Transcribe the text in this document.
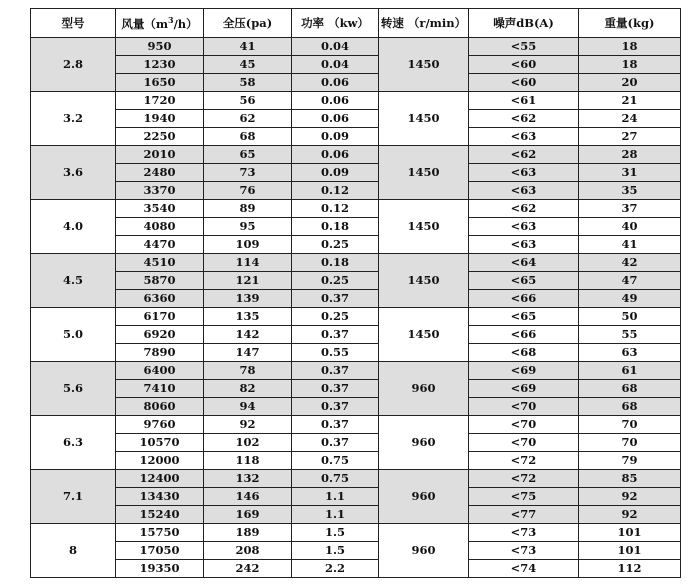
型号	风量$(m^3/h)$	全压(pa)	功率 （kw）	转速 （r/min）	噪声dB(A)	重量(kg)
2.8	950	41	0.04	1450	<55	18
	1230	45	0.04		<60	18
	1650	58	0.06		<60	20
3.2	1720	56	0.06	1450	<61	21
	1940	62	0.06		<62	24
	2250	68	0.09		<63	27
3.6	2010	65	0.06	1450	<62	28
	2480	73	0.09		<63	31
	3370	76	0.12		<63	35
4.0	3540	89	0.12	1450	<62	37
	4080	95	0.18		<63	40
	4470	109	0.25		<63	41
4.5	4510	114	0.18	1450	<64	42
	5870	121	0.25		<65	47
	6360	139	0.37		<66	49
5.0	6170	135	0.25	1450	<65	50
	6920	142	0.37		<66	55
	7890	147	0.55		<68	63
5.6	6400	78	0.37	960	<69	61
	7410	82	0.37		<69	68
	8060	94	0.37		<70	68
6.3	9760	92	0.37	960	<70	70
	10570	102	0.37		<70	70
	12000	118	0.75		<72	79
7.1	12400	132	0.75	960	<72	85
	13430	146	1.1		<75	92
	15240	169	1.1		<77	92
8	15750	189	1.5	960	<73	101
	17050	208	1.5		<73	101
	19350	242	2.2		<74	112
